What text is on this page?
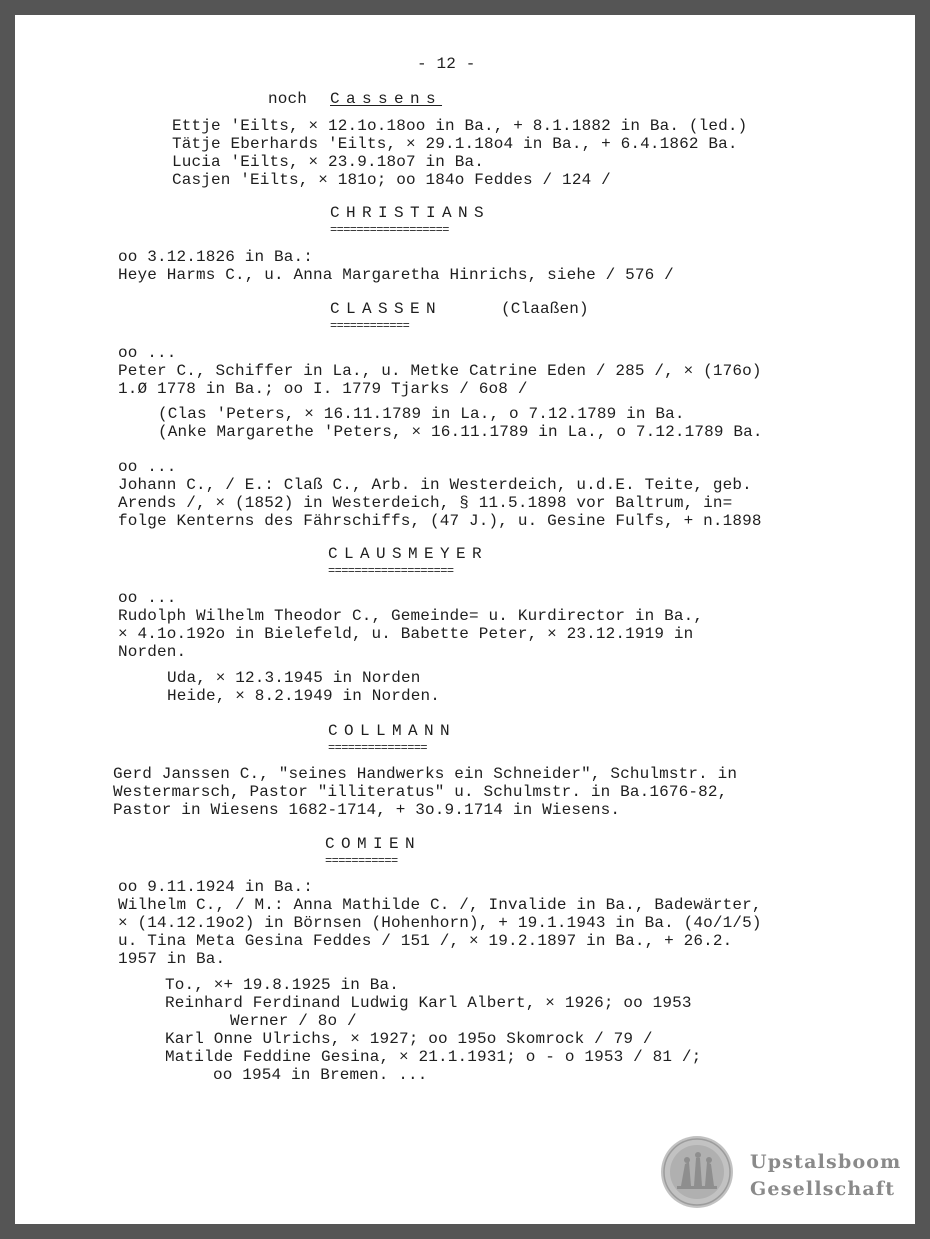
- 12 -
noch Cassens
Ettje 'Eilts, × 12.1o.18oo in Ba., + 8.1.1882 in Ba. (led.)
Tätje Eberhards 'Eilts, × 29.1.18o4 in Ba., + 6.4.1862 Ba.
Lucia 'Eilts, × 23.9.18o7 in Ba.
Casjen 'Eilts, × 181o; oo 184o Feddes / 124 /
CHRISTIANS
==================
oo 3.12.1826 in Ba.:
Heye Harms C., u. Anna Margaretha Hinrichs, siehe / 576 /
CLASSEN	(Claaßen)
============
oo ...
Peter C., Schiffer in La., u. Metke Catrine Eden / 285 /, × (176o)
1.Ø 1778 in Ba.; oo I. 1779 Tjarks / 6o8 /
(Clas 'Peters, × 16.11.1789 in La., o 7.12.1789 in Ba.
(Anke Margarethe 'Peters, × 16.11.1789 in La., o 7.12.1789 Ba.
oo ...
Johann C., / E.: Claß C., Arb. in Westerdeich, u.d.E. Teite, geb.
Arends /, × (1852) in Westerdeich, § 11.5.1898 vor Baltrum, in=
folge Kenterns des Fährschiffs, (47 J.), u. Gesine Fulfs, + n.1898
CLAUSMEYER
===================
oo ...
Rudolph Wilhelm Theodor C., Gemeinde= u. Kurdirector in Ba.,
× 4.1o.192o in Bielefeld, u. Babette Peter, × 23.12.1919 in
Norden.
Uda, × 12.3.1945 in Norden
Heide, × 8.2.1949 in Norden.
COLLMANN
===============
Gerd Janssen C., "seines Handwerks ein Schneider", Schulmstr. in
Westermarsch, Pastor "illiteratus" u. Schulmstr. in Ba.1676-82,
Pastor in Wiesens 1682-1714, + 3o.9.1714 in Wiesens.
COMIEN
===========
oo 9.11.1924 in Ba.:
Wilhelm C., / M.: Anna Mathilde C. /, Invalide in Ba., Badewärter,
× (14.12.19o2) in Börnsen (Hohenhorn), + 19.1.1943 in Ba. (4o/1/5)
u. Tina Meta Gesina Feddes / 151 /, × 19.2.1897 in Ba., + 26.2.
1957 in Ba.
To., ×+ 19.8.1925 in Ba.
Reinhard Ferdinand Ludwig Karl Albert, × 1926; oo 1953
Werner / 8o /
Karl Onne Ulrichs, × 1927; oo 195o Skomrock / 79 /
Matilde Feddine Gesina, × 21.1.1931; o - o 1953 / 81 /;
oo 1954 in Bremen. ...
Upstalsboom
Gesellschaft
